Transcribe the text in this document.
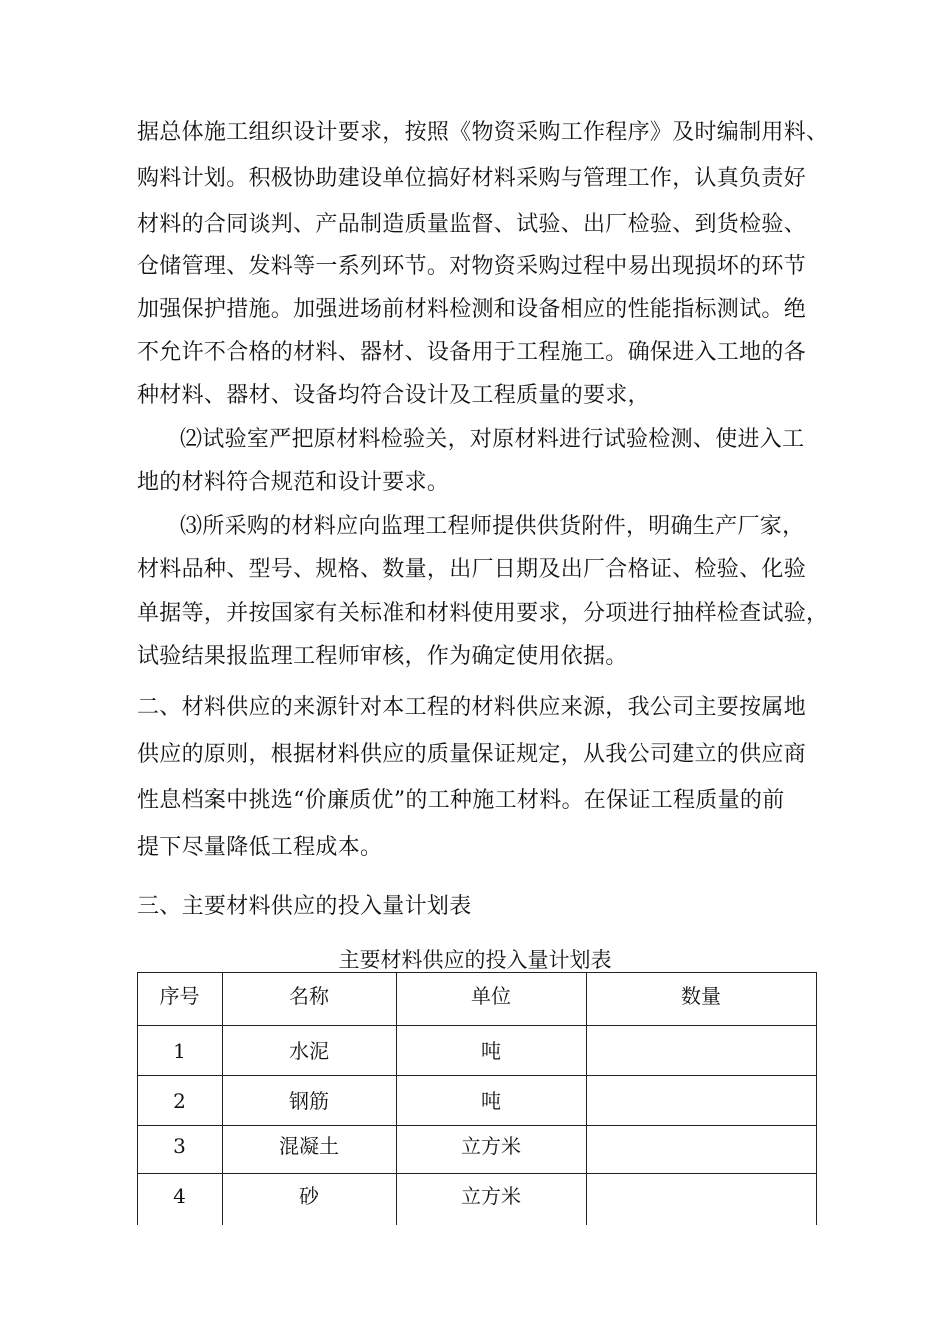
据总体施工组织设计要求，按照《物资采购工作程序》及时编制用料、
购料计划。积极协助建设单位搞好材料采购与管理工作，认真负责好
材料的合同谈判、产品制造质量监督、试验、出厂检验、到货检验、
仓储管理、发料等一系列环节。对物资采购过程中易出现损坏的环节
加强保护措施。加强进场前材料检测和设备相应的性能指标测试。绝
不允许不合格的材料、器材、设备用于工程施工。确保进入工地的各
种材料、器材、设备均符合设计及工程质量的要求，
⑵试验室严把原材料检验关，对原材料进行试验检测、使进入工
地的材料符合规范和设计要求。
⑶所采购的材料应向监理工程师提供供货附件，明确生产厂家，
材料品种、型号、规格、数量，出厂日期及出厂合格证、检验、化验
单据等，并按国家有关标准和材料使用要求，分项进行抽样检查试验，
试验结果报监理工程师审核，作为确定使用依据。
二、材料供应的来源针对本工程的材料供应来源，我公司主要按属地
供应的原则，根据材料供应的质量保证规定，从我公司建立的供应商
性息档案中挑选“价廉质优”的工种施工材料。在保证工程质量的前
提下尽量降低工程成本。
三、主要材料供应的投入量计划表
主要材料供应的投入量计划表
序号	名称	单位	数量
1	水泥	吨
2	钢筋	吨
3	混凝土	立方米
4	砂	立方米
